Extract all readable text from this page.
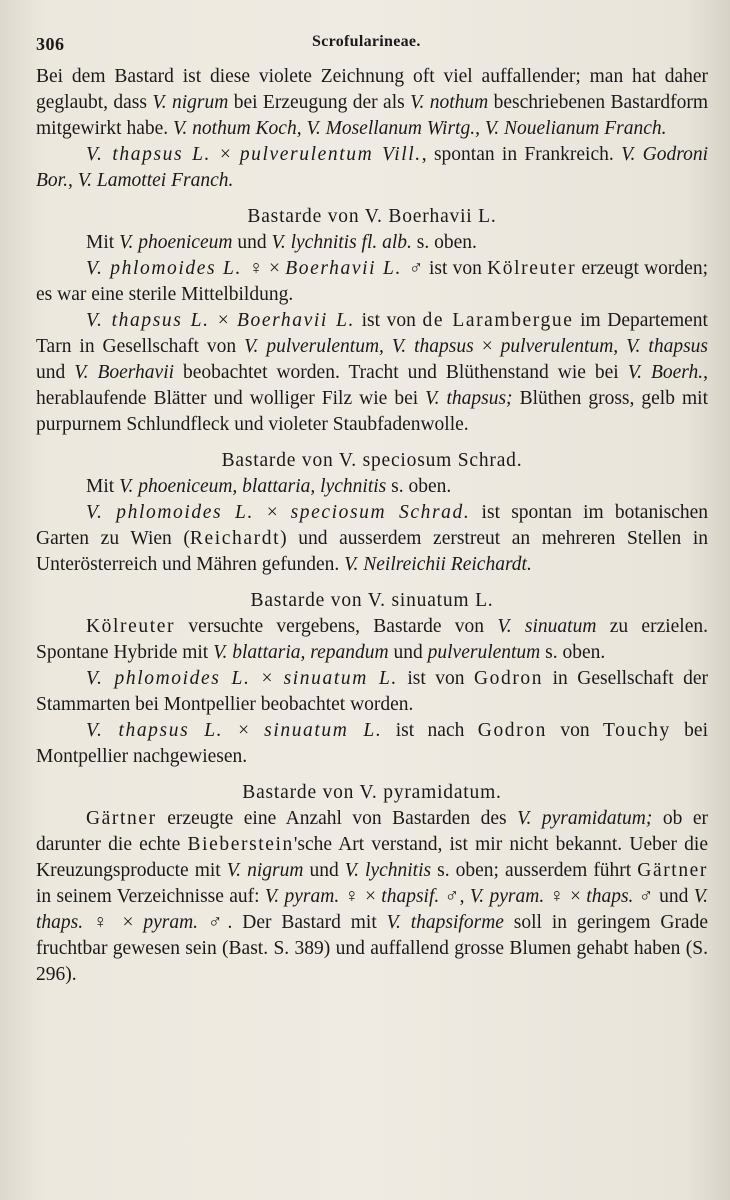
306	Scrofularineae.

Bei dem Bastard ist diese violete Zeichnung oft viel auffallender; man hat daher geglaubt, dass V. nigrum bei Erzeugung der als V. nothum beschriebenen Bastardform mitgewirkt habe. V. nothum Koch, V. Mosellanum Wirtg., V. Nouelianum Franch.

V. thapsus L. × pulverulentum Vill., spontan in Frankreich. V. Godroni Bor., V. Lamottei Franch.

Bastarde von V. Boerhavii L.

Mit V. phoeniceum und V. lychnitis fl. alb. s. oben.

V. phlomoides L. ♀ × Boerhavii L. ♂ ist von Kölreuter erzeugt worden; es war eine sterile Mittelbildung.

V. thapsus L. × Boerhavii L. ist von de Larambergue im Departement Tarn in Gesellschaft von V. pulverulentum, V. thapsus × pulverulentum, V. thapsus und V. Boerhavii beobachtet worden. Tracht und Blüthenstand wie bei V. Boerh., herablaufende Blätter und wolliger Filz wie bei V. thapsus; Blüthen gross, gelb mit purpurnem Schlundfleck und violeter Staubfadenwolle.

Bastarde von V. speciosum Schrad.

Mit V. phoeniceum, blattaria, lychnitis s. oben.

V. phlomoides L. × speciosum Schrad. ist spontan im botanischen Garten zu Wien (Reichardt) und ausserdem zerstreut an mehreren Stellen in Unterösterreich und Mähren gefunden. V. Neilreichii Reichardt.

Bastarde von V. sinuatum L.

Kölreuter versuchte vergebens, Bastarde von V. sinuatum zu erzielen. Spontane Hybride mit V. blattaria, repandum und pulverulentum s. oben.

V. phlomoides L. × sinuatum L. ist von Godron in Gesellschaft der Stammarten bei Montpellier beobachtet worden.

V. thapsus L. × sinuatum L. ist nach Godron von Touchy bei Montpellier nachgewiesen.

Bastarde von V. pyramidatum.

Gärtner erzeugte eine Anzahl von Bastarden des V. pyramidatum; ob er darunter die echte Bieberstein'sche Art verstand, ist mir nicht bekannt. Ueber die Kreuzungsproducte mit V. nigrum und V. lychnitis s. oben; ausserdem führt Gärtner in seinem Verzeichnisse auf: V. pyram. ♀ × thapsif. ♂, V. pyram. ♀ × thaps. ♂ und V. thaps. ♀ × pyram. ♂. Der Bastard mit V. thapsiforme soll in geringem Grade fruchtbar gewesen sein (Bast. S. 389) und auffallend grosse Blumen gehabt haben (S. 296).
